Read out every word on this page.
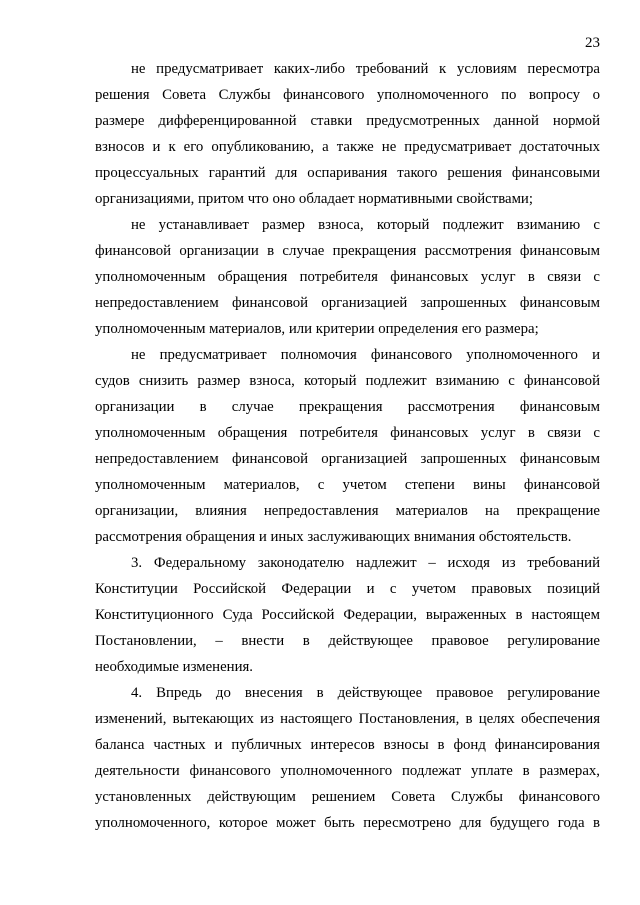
23
не предусматривает каких-либо требований к условиям пересмотра
решения Совета Службы финансового уполномоченного по вопросу о
размере дифференцированной ставки предусмотренных данной нормой
взносов и к его опубликованию, а также не предусматривает достаточных
процессуальных гарантий для оспаривания такого решения финансовыми
организациями, притом что оно обладает нормативными свойствами;
не устанавливает размер взноса, который подлежит взиманию с
финансовой организации в случае прекращения рассмотрения финансовым
уполномоченным обращения потребителя финансовых услуг в связи с
непредоставлением финансовой организацией запрошенных финансовым
уполномоченным материалов, или критерии определения его размера;
не предусматривает полномочия финансового уполномоченного и
судов снизить размер взноса, который подлежит взиманию с финансовой
организации в случае прекращения рассмотрения финансовым
уполномоченным обращения потребителя финансовых услуг в связи с
непредоставлением финансовой организацией запрошенных финансовым
уполномоченным материалов, с учетом степени вины финансовой
организации, влияния непредоставления материалов на прекращение
рассмотрения обращения и иных заслуживающих внимания обстоятельств.
3. Федеральному законодателю надлежит – исходя из требований
Конституции Российской Федерации и с учетом правовых позиций
Конституционного Суда Российской Федерации, выраженных в настоящем
Постановлении, – внести в действующее правовое регулирование
необходимые изменения.
4. Впредь до внесения в действующее правовое регулирование
изменений, вытекающих из настоящего Постановления, в целях обеспечения
баланса частных и публичных интересов взносы в фонд финансирования
деятельности финансового уполномоченного подлежат уплате в размерах,
установленных действующим решением Совета Службы финансового
уполномоченного, которое может быть пересмотрено для будущего года в
